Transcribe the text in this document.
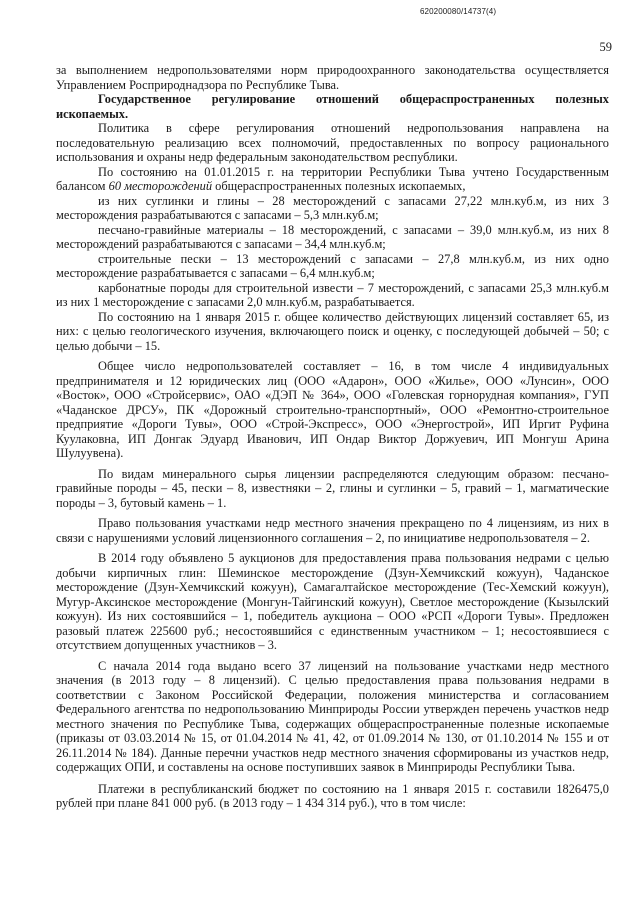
620200080/14737(4)
59

за выполнением недропользователями норм природоохранного законодательства осуществляется Управлением Росприроднадзора по Республике Тыва.

Государственное регулирование отношений общераспространенных полезных ископаемых.

Политика в сфере регулирования отношений недропользования направлена на последовательную реализацию всех полномочий, предоставленных по вопросу рационального использования и охраны недр федеральным законодательством республики.

По состоянию на 01.01.2015 г. на территории Республики Тыва учтено Государственным балансом 60 месторождений общераспространенных полезных ископаемых,

из них суглинки и глины – 28 месторождений с запасами 27,22 млн.куб.м, из них 3 месторождения разрабатываются с запасами – 5,3 млн.куб.м;

песчано-гравийные материалы – 18 месторождений, с запасами – 39,0 млн.куб.м, из них 8 месторождений разрабатываются с запасами – 34,4 млн.куб.м;

строительные пески – 13 месторождений с запасами – 27,8 млн.куб.м, из них одно месторождение разрабатывается с запасами – 6,4 млн.куб.м;

карбонатные породы для строительной извести – 7 месторождений, с запасами 25,3 млн.куб.м из них 1 месторождение с запасами 2,0 млн.куб.м, разрабатывается.

По состоянию на 1 января 2015 г. общее количество действующих лицензий составляет 65, из них: с целью геологического изучения, включающего поиск и оценку, с последующей добычей – 50; с целью добычи – 15.

Общее число недропользователей составляет – 16, в том числе 4 индивидуальных предпринимателя и 12 юридических лиц (ООО «Адарон», ООО «Жилье», ООО «Лунсин», ООО «Восток», ООО «Стройсервис», ОАО «ДЭП № 364», ООО «Голевская горнорудная компания», ГУП «Чаданское ДРСУ», ПК «Дорожный строительно-транспортный», ООО «Ремонтно-строительное предприятие «Дороги Тувы», ООО «Строй-Экспресс», ООО «Энергострой», ИП Иргит Руфина Куулаковна, ИП Донгак Эдуард Иванович, ИП Ондар Виктор Доржуевич, ИП Монгуш Арина Шулуувена).

По видам минерального сырья лицензии распределяются следующим образом: песчано-гравийные породы – 45, пески – 8, известняки – 2, глины и суглинки – 5, гравий – 1, магматические породы – 3, бутовый камень – 1.

Право пользования участками недр местного значения прекращено по 4 лицензиям, из них в связи с нарушениями условий лицензионного соглашения – 2, по инициативе недропользователя – 2.

В 2014 году объявлено 5 аукционов для предоставления права пользования недрами с целью добычи кирпичных глин: Шеминское месторождение (Дзун-Хемчикский кожуун), Чаданское месторождение (Дзун-Хемчикский кожуун), Самагалтайское месторождение (Тес-Хемский кожуун), Мугур-Аксинское месторождение (Монгун-Тайгинский кожуун), Светлое месторождение (Кызылский кожуун). Из них состоявшийся – 1, победитель аукциона – ООО «РСП «Дороги Тувы». Предложен разовый платеж 225600 руб.; несостоявшийся с единственным участником – 1; несостоявшиеся с отсутствием допущенных участников – 3.

С начала 2014 года выдано всего 37 лицензий на пользование участками недр местного значения (в 2013 году – 8 лицензий). С целью предоставления права пользования недрами в соответствии с Законом Российской Федерации, положения министерства и согласованием Федерального агентства по недропользованию Минприроды России утвержден перечень участков недр местного значения по Республике Тыва, содержащих общераспространенные полезные ископаемые (приказы от 03.03.2014 № 15, от 01.04.2014 № 41, 42, от 01.09.2014 № 130, от 01.10.2014 № 155 и от 26.11.2014 № 184). Данные перечни участков недр местного значения сформированы из участков недр, содержащих ОПИ, и составлены на основе поступивших заявок в Минприроды Республики Тыва.

Платежи в республиканский бюджет по состоянию на 1 января 2015 г. составили 1826475,0 рублей при плане 841 000 руб. (в 2013 году – 1 434 314 руб.), что в том числе:
